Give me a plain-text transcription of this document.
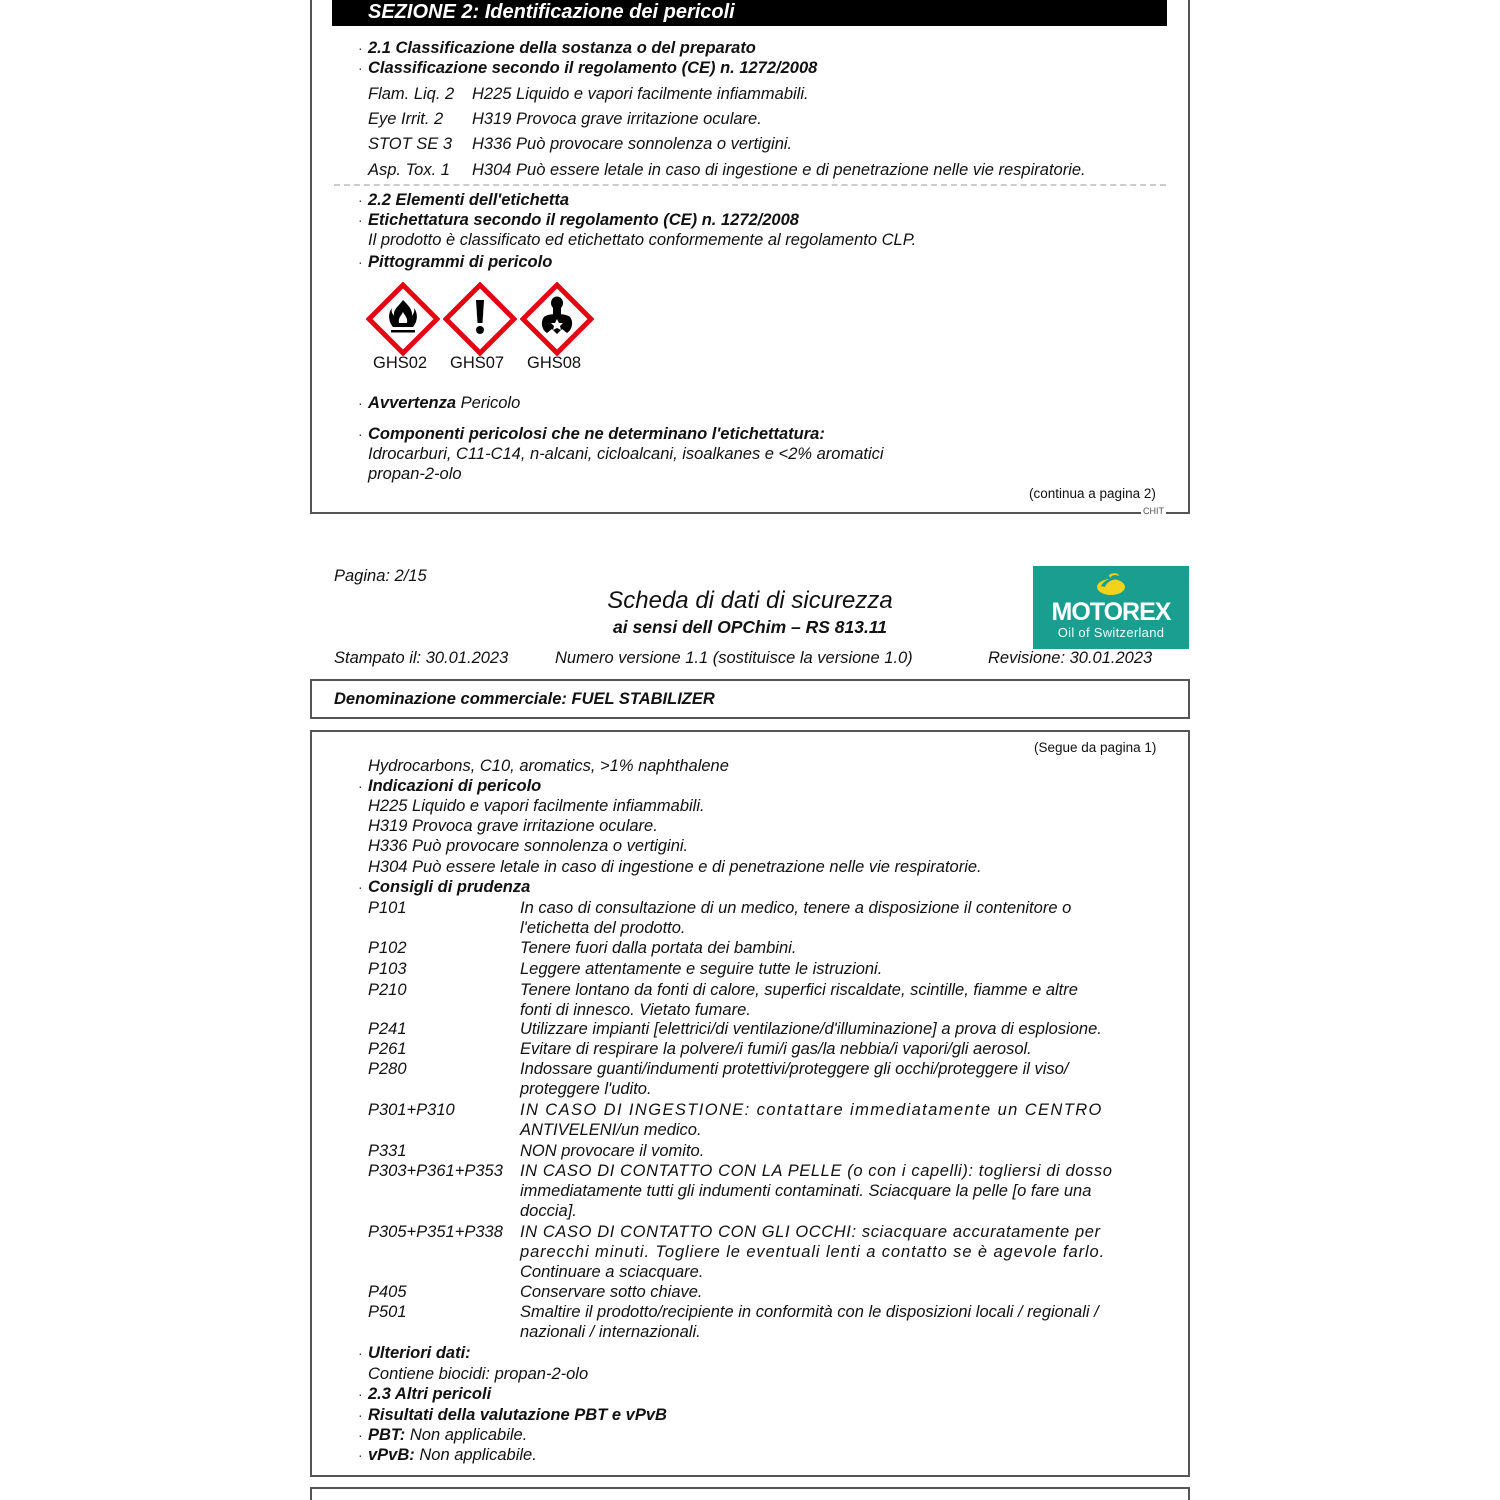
SEZIONE 2: Identificazione dei pericoli
· 2.1 Classificazione della sostanza o del preparato
· Classificazione secondo il regolamento (CE) n. 1272/2008
Flam. Liq. 2 H225 Liquido e vapori facilmente infiammabili.
Eye Irrit. 2 H319 Provoca grave irritazione oculare.
STOT SE 3 H336 Può provocare sonnolenza o vertigini.
Asp. Tox. 1 H304 Può essere letale in caso di ingestione e di penetrazione nelle vie respiratorie.
· 2.2 Elementi dell'etichetta
· Etichettatura secondo il regolamento (CE) n. 1272/2008
Il prodotto è classificato ed etichettato conformemente al regolamento CLP.
· Pittogrammi di pericolo
GHS02 GHS07 GHS08
· Avvertenza Pericolo
· Componenti pericolosi che ne determinano l'etichettatura:
Idrocarburi, C11-C14, n-alcani, cicloalcani, isoalkanes e <2% aromatici
propan-2-olo
(continua a pagina 2)
CHIT
Pagina: 2/15
Scheda di dati di sicurezza
ai sensi dell OPChim – RS 813.11
MOTOREX
Oil of Switzerland
Stampato il: 30.01.2023	Numero versione 1.1 (sostituisce la versione 1.0)	Revisione: 30.01.2023
Denominazione commerciale: FUEL STABILIZER
(Segue da pagina 1)
Hydrocarbons, C10, aromatics, >1% naphthalene
· Indicazioni di pericolo
H225 Liquido e vapori facilmente infiammabili.
H319 Provoca grave irritazione oculare.
H336 Può provocare sonnolenza o vertigini.
H304 Può essere letale in caso di ingestione e di penetrazione nelle vie respiratorie.
· Consigli di prudenza
P101	In caso di consultazione di un medico, tenere a disposizione il contenitore o
l'etichetta del prodotto.
P102	Tenere fuori dalla portata dei bambini.
P103	Leggere attentamente e seguire tutte le istruzioni.
P210	Tenere lontano da fonti di calore, superfici riscaldate, scintille, fiamme e altre
fonti di innesco. Vietato fumare.
P241	Utilizzare impianti [elettrici/di ventilazione/d'illuminazione] a prova di esplosione.
P261	Evitare di respirare la polvere/i fumi/i gas/la nebbia/i vapori/gli aerosol.
P280	Indossare guanti/indumenti protettivi/proteggere gli occhi/proteggere il viso/
proteggere l'udito.
P301+P310	IN CASO DI INGESTIONE: contattare immediatamente un CENTRO
ANTIVELENI/un medico.
P331	NON provocare il vomito.
P303+P361+P353 IN CASO DI CONTATTO CON LA PELLE (o con i capelli): togliersi di dosso
immediatamente tutti gli indumenti contaminati. Sciacquare la pelle [o fare una
doccia].
P305+P351+P338 IN CASO DI CONTATTO CON GLI OCCHI: sciacquare accuratamente per
parecchi minuti. Togliere le eventuali lenti a contatto se è agevole farlo.
Continuare a sciacquare.
P405	Conservare sotto chiave.
P501	Smaltire il prodotto/recipiente in conformità con le disposizioni locali / regionali /
nazionali / internazionali.
· Ulteriori dati:
Contiene biocidi: propan-2-olo
· 2.3 Altri pericoli
· Risultati della valutazione PBT e vPvB
· PBT: Non applicabile.
· vPvB: Non applicabile.
